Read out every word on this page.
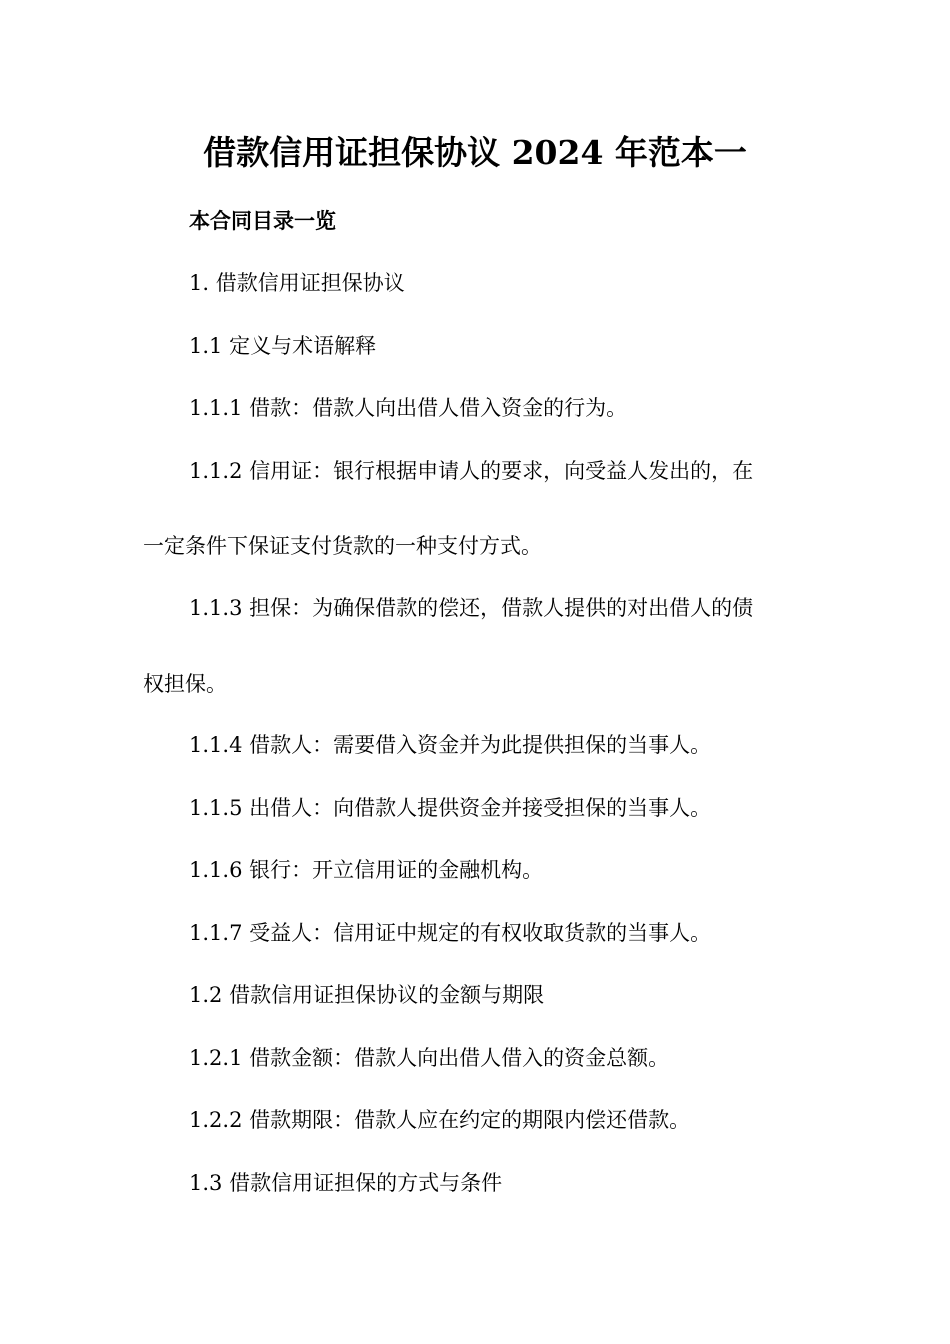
借款信用证担保协议 2024 年范本一
本合同目录一览
1. 借款信用证担保协议
1.1 定义与术语解释
1.1.1 借款：借款人向出借人借入资金的行为。
1.1.2 信用证：银行根据申请人的要求，向受益人发出的，在
一定条件下保证支付货款的一种支付方式。
1.1.3 担保：为确保借款的偿还，借款人提供的对出借人的债
权担保。
1.1.4 借款人：需要借入资金并为此提供担保的当事人。
1.1.5 出借人：向借款人提供资金并接受担保的当事人。
1.1.6 银行：开立信用证的金融机构。
1.1.7 受益人：信用证中规定的有权收取货款的当事人。
1.2 借款信用证担保协议的金额与期限
1.2.1 借款金额：借款人向出借人借入的资金总额。
1.2.2 借款期限：借款人应在约定的期限内偿还借款。
1.3 借款信用证担保的方式与条件
